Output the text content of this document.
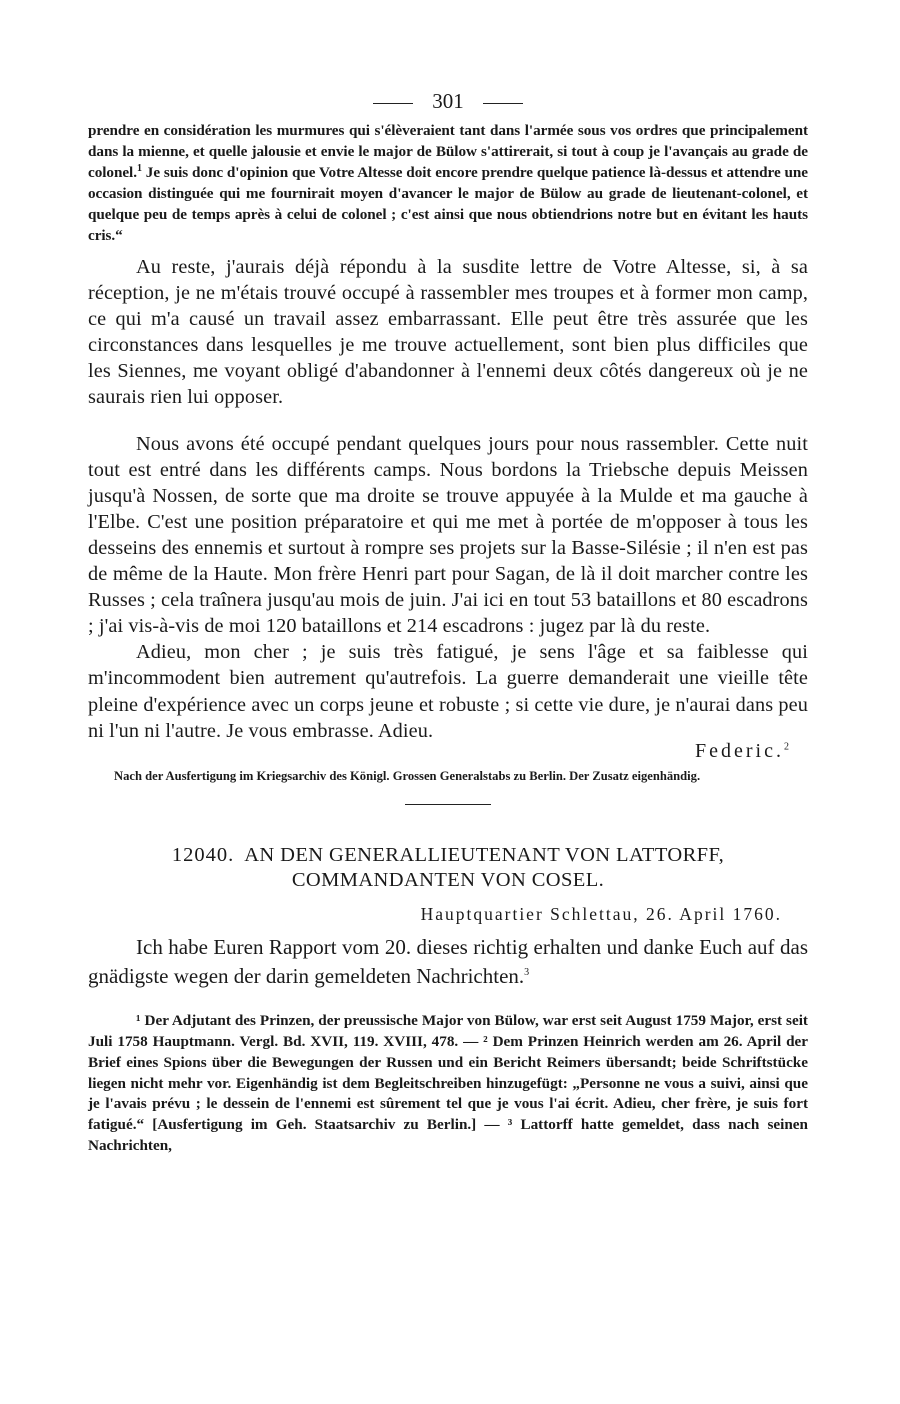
301

prendre en considération les murmures qui s'élèveraient tant dans l'armée sous vos ordres que principalement dans la mienne, et quelle jalousie et envie le major de Bülow s'attirerait, si tout à coup je l'avançais au grade de colonel.$^1$ Je suis donc d'opinion que Votre Altesse doit encore prendre quelque patience là-dessus et attendre une occasion distinguée qui me fournirait moyen d'avancer le major de Bülow au grade de lieutenant-colonel, et quelque peu de temps après à celui de colonel ; c'est ainsi que nous obtiendrions notre but en évitant les hauts cris.“

Au reste, j'aurais déjà répondu à la susdite lettre de Votre Altesse, si, à sa réception, je ne m'étais trouvé occupé à rassembler mes troupes et à former mon camp, ce qui m'a causé un travail assez embarrassant. Elle peut être très assurée que les circonstances dans lesquelles je me trouve actuellement, sont bien plus difficiles que les Siennes, me voyant obligé d'abandonner à l'ennemi deux côtés dangereux où je ne saurais rien lui opposer.

Nous avons été occupé pendant quelques jours pour nous rassembler. Cette nuit tout est entré dans les différents camps. Nous bordons la Triebsche depuis Meissen jusqu'à Nossen, de sorte que ma droite se trouve appuyée à la Mulde et ma gauche à l'Elbe. C'est une position préparatoire et qui me met à portée de m'opposer à tous les desseins des ennemis et surtout à rompre ses projets sur la Basse-Silésie ; il n'en est pas de même de la Haute. Mon frère Henri part pour Sagan, de là il doit marcher contre les Russes ; cela traînera jusqu'au mois de juin. J'ai ici en tout 53 bataillons et 80 escadrons ; j'ai vis-à-vis de moi 120 bataillons et 214 escadrons : jugez par là du reste.

Adieu, mon cher ; je suis très fatigué, je sens l'âge et sa faiblesse qui m'incommodent bien autrement qu'autrefois. La guerre demanderait une vieille tête pleine d'expérience avec un corps jeune et robuste ; si cette vie dure, je n'aurai dans peu ni l'un ni l'autre. Je vous embrasse. Adieu.

Federic.$^2$

Nach der Ausfertigung im Kriegsarchiv des Königl. Grossen Generalstabs zu Berlin. Der Zusatz eigenhändig.

12040. AN DEN GENERALLIEUTENANT VON LATTORFF,
COMMANDANTEN VON COSEL.
Hauptquartier Schlettau, 26. April 1760.

Ich habe Euren Rapport vom 20. dieses richtig erhalten und danke Euch auf das gnädigste wegen der darin gemeldeten Nachrichten.$^3$

¹ Der Adjutant des Prinzen, der preussische Major von Bülow, war erst seit August 1759 Major, erst seit Juli 1758 Hauptmann. Vergl. Bd. XVII, 119. XVIII, 478. — ² Dem Prinzen Heinrich werden am 26. April der Brief eines Spions über die Bewegungen der Russen und ein Bericht Reimers übersandt; beide Schriftstücke liegen nicht mehr vor. Eigenhändig ist dem Begleitschreiben hinzugefügt: „Personne ne vous a suivi, ainsi que je l'avais prévu ; le dessein de l'ennemi est sûrement tel que je vous l'ai écrit. Adieu, cher frère, je suis fort fatigué.“ [Ausfertigung im Geh. Staatsarchiv zu Berlin.] — ³ Lattorff hatte gemeldet, dass nach seinen Nachrichten,
